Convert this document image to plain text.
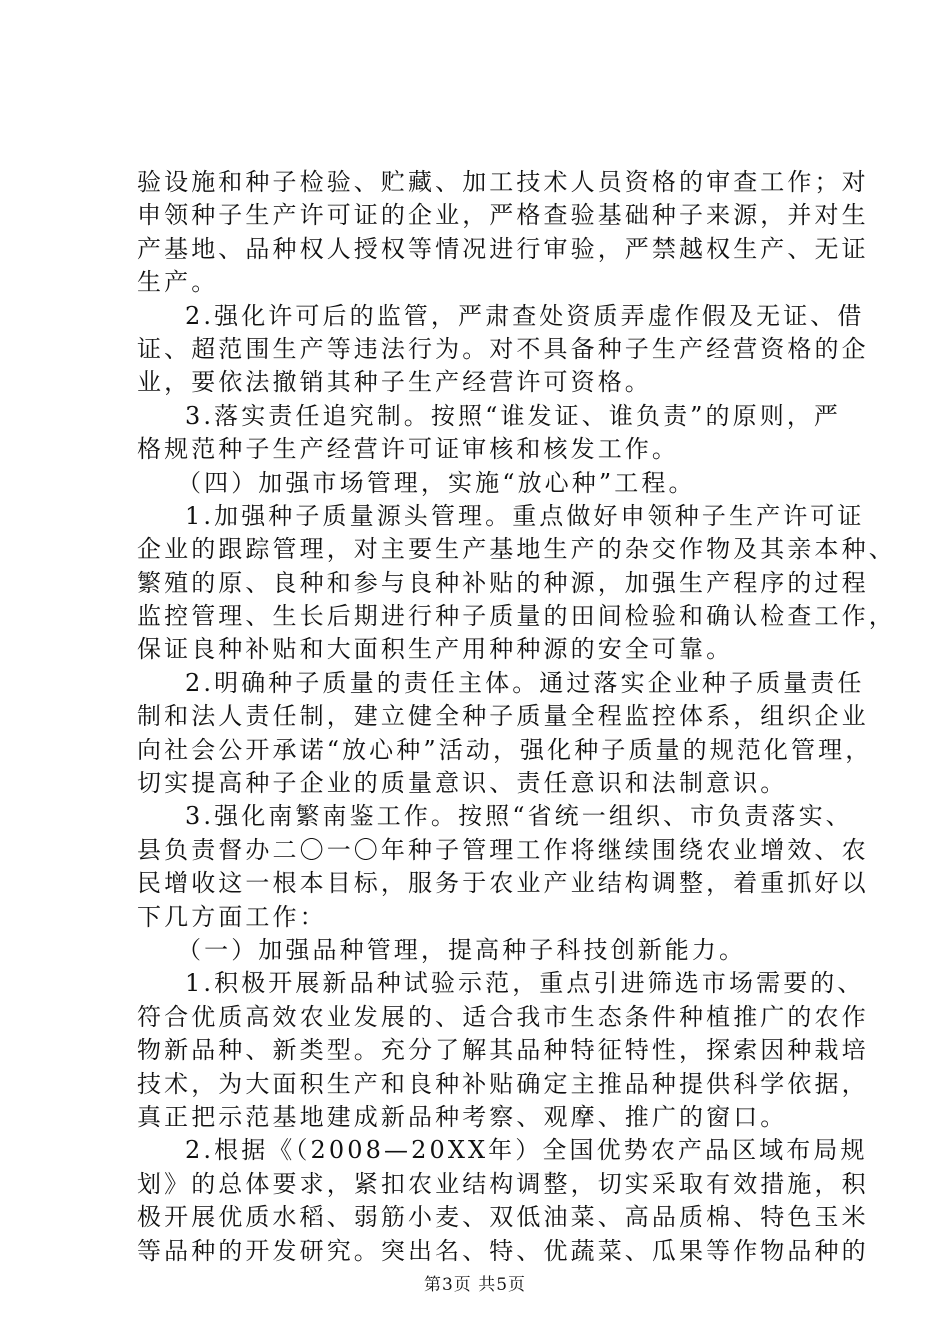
验设施和种子检验、贮藏、加工技术人员资格的审查工作；对
申领种子生产许可证的企业，严格查验基础种子来源，并对生
产基地、品种权人授权等情况进行审验，严禁越权生产、无证
生产。
2.强化许可后的监管，严肃查处资质弄虚作假及无证、借
证、超范围生产等违法行为。对不具备种子生产经营资格的企
业，要依法撤销其种子生产经营许可资格。
3.落实责任追究制。按照“谁发证、谁负责”的原则，严
格规范种子生产经营许可证审核和核发工作。
（四）加强市场管理，实施“放心种”工程。
1.加强种子质量源头管理。重点做好申领种子生产许可证
企业的跟踪管理，对主要生产基地生产的杂交作物及其亲本种、
繁殖的原、良种和参与良种补贴的种源，加强生产程序的过程
监控管理、生长后期进行种子质量的田间检验和确认检查工作，
保证良种补贴和大面积生产用种种源的安全可靠。
2.明确种子质量的责任主体。通过落实企业种子质量责任
制和法人责任制，建立健全种子质量全程监控体系，组织企业
向社会公开承诺“放心种”活动，强化种子质量的规范化管理，
切实提高种子企业的质量意识、责任意识和法制意识。
3.强化南繁南鉴工作。按照“省统一组织、市负责落实、
县负责督办二〇一〇年种子管理工作将继续围绕农业增效、农
民增收这一根本目标，服务于农业产业结构调整，着重抓好以
下几方面工作：
（一）加强品种管理，提高种子科技创新能力。
1.积极开展新品种试验示范，重点引进筛选市场需要的、
符合优质高效农业发展的、适合我市生态条件种植推广的农作
物新品种、新类型。充分了解其品种特征特性，探索因种栽培
技术，为大面积生产和良种补贴确定主推品种提供科学依据，
真正把示范基地建成新品种考察、观摩、推广的窗口。
2.根据《（2008—20XX年）全国优势农产品区域布局规
划》的总体要求，紧扣农业结构调整，切实采取有效措施，积
极开展优质水稻、弱筋小麦、双低油菜、高品质棉、特色玉米
等品种的开发研究。突出名、特、优蔬菜、瓜果等作物品种的
第3页 共5页
